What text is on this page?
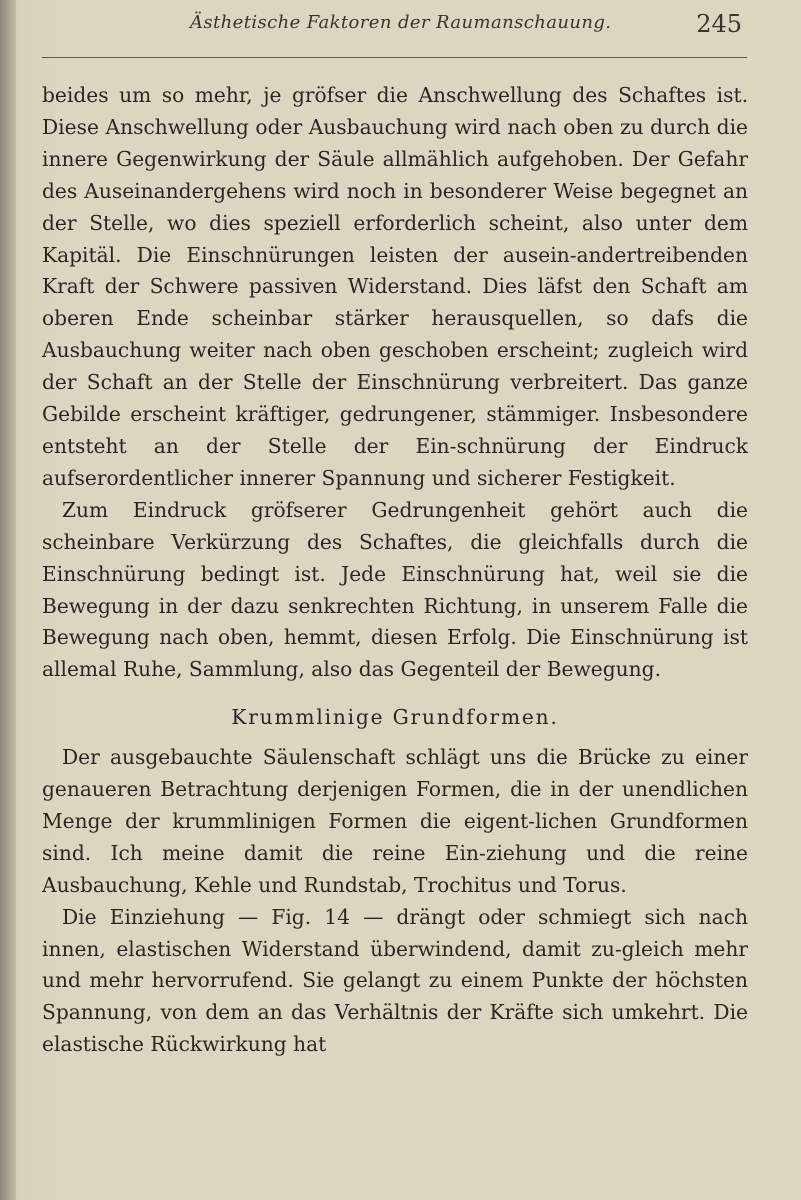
Ästhetische Faktoren der Raumanschauung.	245

beides um so mehr, je gröfser die Anschwellung des Schaftes ist. Diese Anschwellung oder Ausbauchung wird nach oben zu durch die innere Gegenwirkung der Säule allmählich aufgehoben. Der Gefahr des Auseinandergehens wird noch in besonderer Weise begegnet an der Stelle, wo dies speziell erforderlich scheint, also unter dem Kapitäl. Die Einschnürungen leisten der ausein-andertreibenden Kraft der Schwere passiven Widerstand. Dies läfst den Schaft am oberen Ende scheinbar stärker herausquellen, so dafs die Ausbauchung weiter nach oben geschoben erscheint; zugleich wird der Schaft an der Stelle der Einschnürung verbreitert. Das ganze Gebilde erscheint kräftiger, gedrungener, stämmiger. Insbesondere entsteht an der Stelle der Ein-schnürung der Eindruck aufserordentlicher innerer Spannung und sicherer Festigkeit.

Zum Eindruck gröfserer Gedrungenheit gehört auch die scheinbare Verkürzung des Schaftes, die gleichfalls durch die Einschnürung bedingt ist. Jede Einschnürung hat, weil sie die Bewegung in der dazu senkrechten Richtung, in unserem Falle die Bewegung nach oben, hemmt, diesen Erfolg. Die Einschnürung ist allemal Ruhe, Sammlung, also das Gegenteil der Bewegung.

Krummlinige Grundformen.

Der ausgebauchte Säulenschaft schlägt uns die Brücke zu einer genaueren Betrachtung derjenigen Formen, die in der unendlichen Menge der krummlinigen Formen die eigent-lichen Grundformen sind. Ich meine damit die reine Ein-ziehung und die reine Ausbauchung, Kehle und Rundstab, Trochitus und Torus.

Die Einziehung — Fig. 14 — drängt oder schmiegt sich nach innen, elastischen Widerstand überwindend, damit zu-gleich mehr und mehr hervorrufend. Sie gelangt zu einem Punkte der höchsten Spannung, von dem an das Verhältnis der Kräfte sich umkehrt. Die elastische Rückwirkung hat
